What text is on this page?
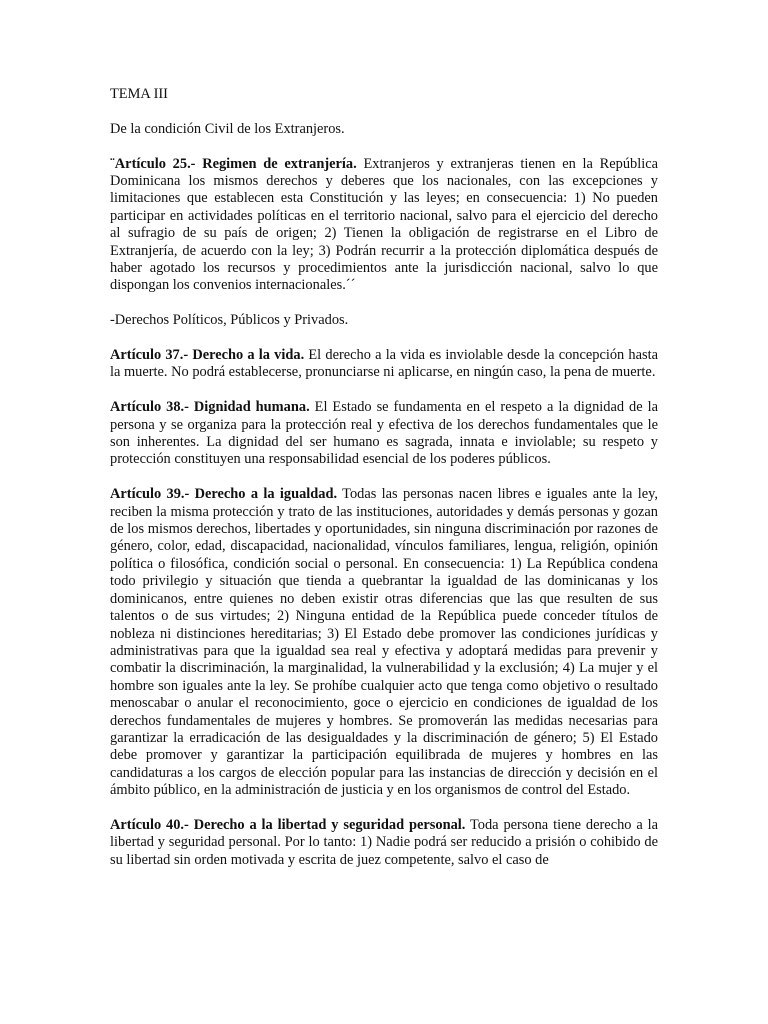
TEMA III

De la condición Civil de los Extranjeros.

¨Artículo 25.- Regimen de extranjería. Extranjeros y extranjeras tienen en la República Dominicana los mismos derechos y deberes que los nacionales, con las excepciones y limitaciones que establecen esta Constitución y las leyes; en consecuencia: 1) No pueden participar en actividades políticas en el territorio nacional, salvo para el ejercicio del derecho al sufragio de su país de origen; 2) Tienen la obligación de registrarse en el Libro de Extranjería, de acuerdo con la ley; 3) Podrán recurrir a la protección diplomática después de haber agotado los recursos y procedimientos ante la jurisdicción nacional, salvo lo que dispongan los convenios internacionales.´´

-Derechos Políticos, Públicos y Privados.

Artículo 37.- Derecho a la vida. El derecho a la vida es inviolable desde la concepción hasta la muerte. No podrá establecerse, pronunciarse ni aplicarse, en ningún caso, la pena de muerte.

Artículo 38.- Dignidad humana. El Estado se fundamenta en el respeto a la dignidad de la persona y se organiza para la protección real y efectiva de los derechos fundamentales que le son inherentes. La dignidad del ser humano es sagrada, innata e inviolable; su respeto y protección constituyen una responsabilidad esencial de los poderes públicos.

Artículo 39.- Derecho a la igualdad. Todas las personas nacen libres e iguales ante la ley, reciben la misma protección y trato de las instituciones, autoridades y demás personas y gozan de los mismos derechos, libertades y oportunidades, sin ninguna discriminación por razones de género, color, edad, discapacidad, nacionalidad, vínculos familiares, lengua, religión, opinión política o filosófica, condición social o personal. En consecuencia: 1) La República condena todo privilegio y situación que tienda a quebrantar la igualdad de las dominicanas y los dominicanos, entre quienes no deben existir otras diferencias que las que resulten de sus talentos o de sus virtudes; 2) Ninguna entidad de la República puede conceder títulos de nobleza ni distinciones hereditarias; 3) El Estado debe promover las condiciones jurídicas y administrativas para que la igualdad sea real y efectiva y adoptará medidas para prevenir y combatir la discriminación, la marginalidad, la vulnerabilidad y la exclusión; 4) La mujer y el hombre son iguales ante la ley. Se prohíbe cualquier acto que tenga como objetivo o resultado menoscabar o anular el reconocimiento, goce o ejercicio en condiciones de igualdad de los derechos fundamentales de mujeres y hombres. Se promoverán las medidas necesarias para garantizar la erradicación de las desigualdades y la discriminación de género; 5) El Estado debe promover y garantizar la participación equilibrada de mujeres y hombres en las candidaturas a los cargos de elección popular para las instancias de dirección y decisión en el ámbito público, en la administración de justicia y en los organismos de control del Estado.

Artículo 40.- Derecho a la libertad y seguridad personal. Toda persona tiene derecho a la libertad y seguridad personal. Por lo tanto: 1) Nadie podrá ser reducido a prisión o cohibido de su libertad sin orden motivada y escrita de juez competente, salvo el caso de
